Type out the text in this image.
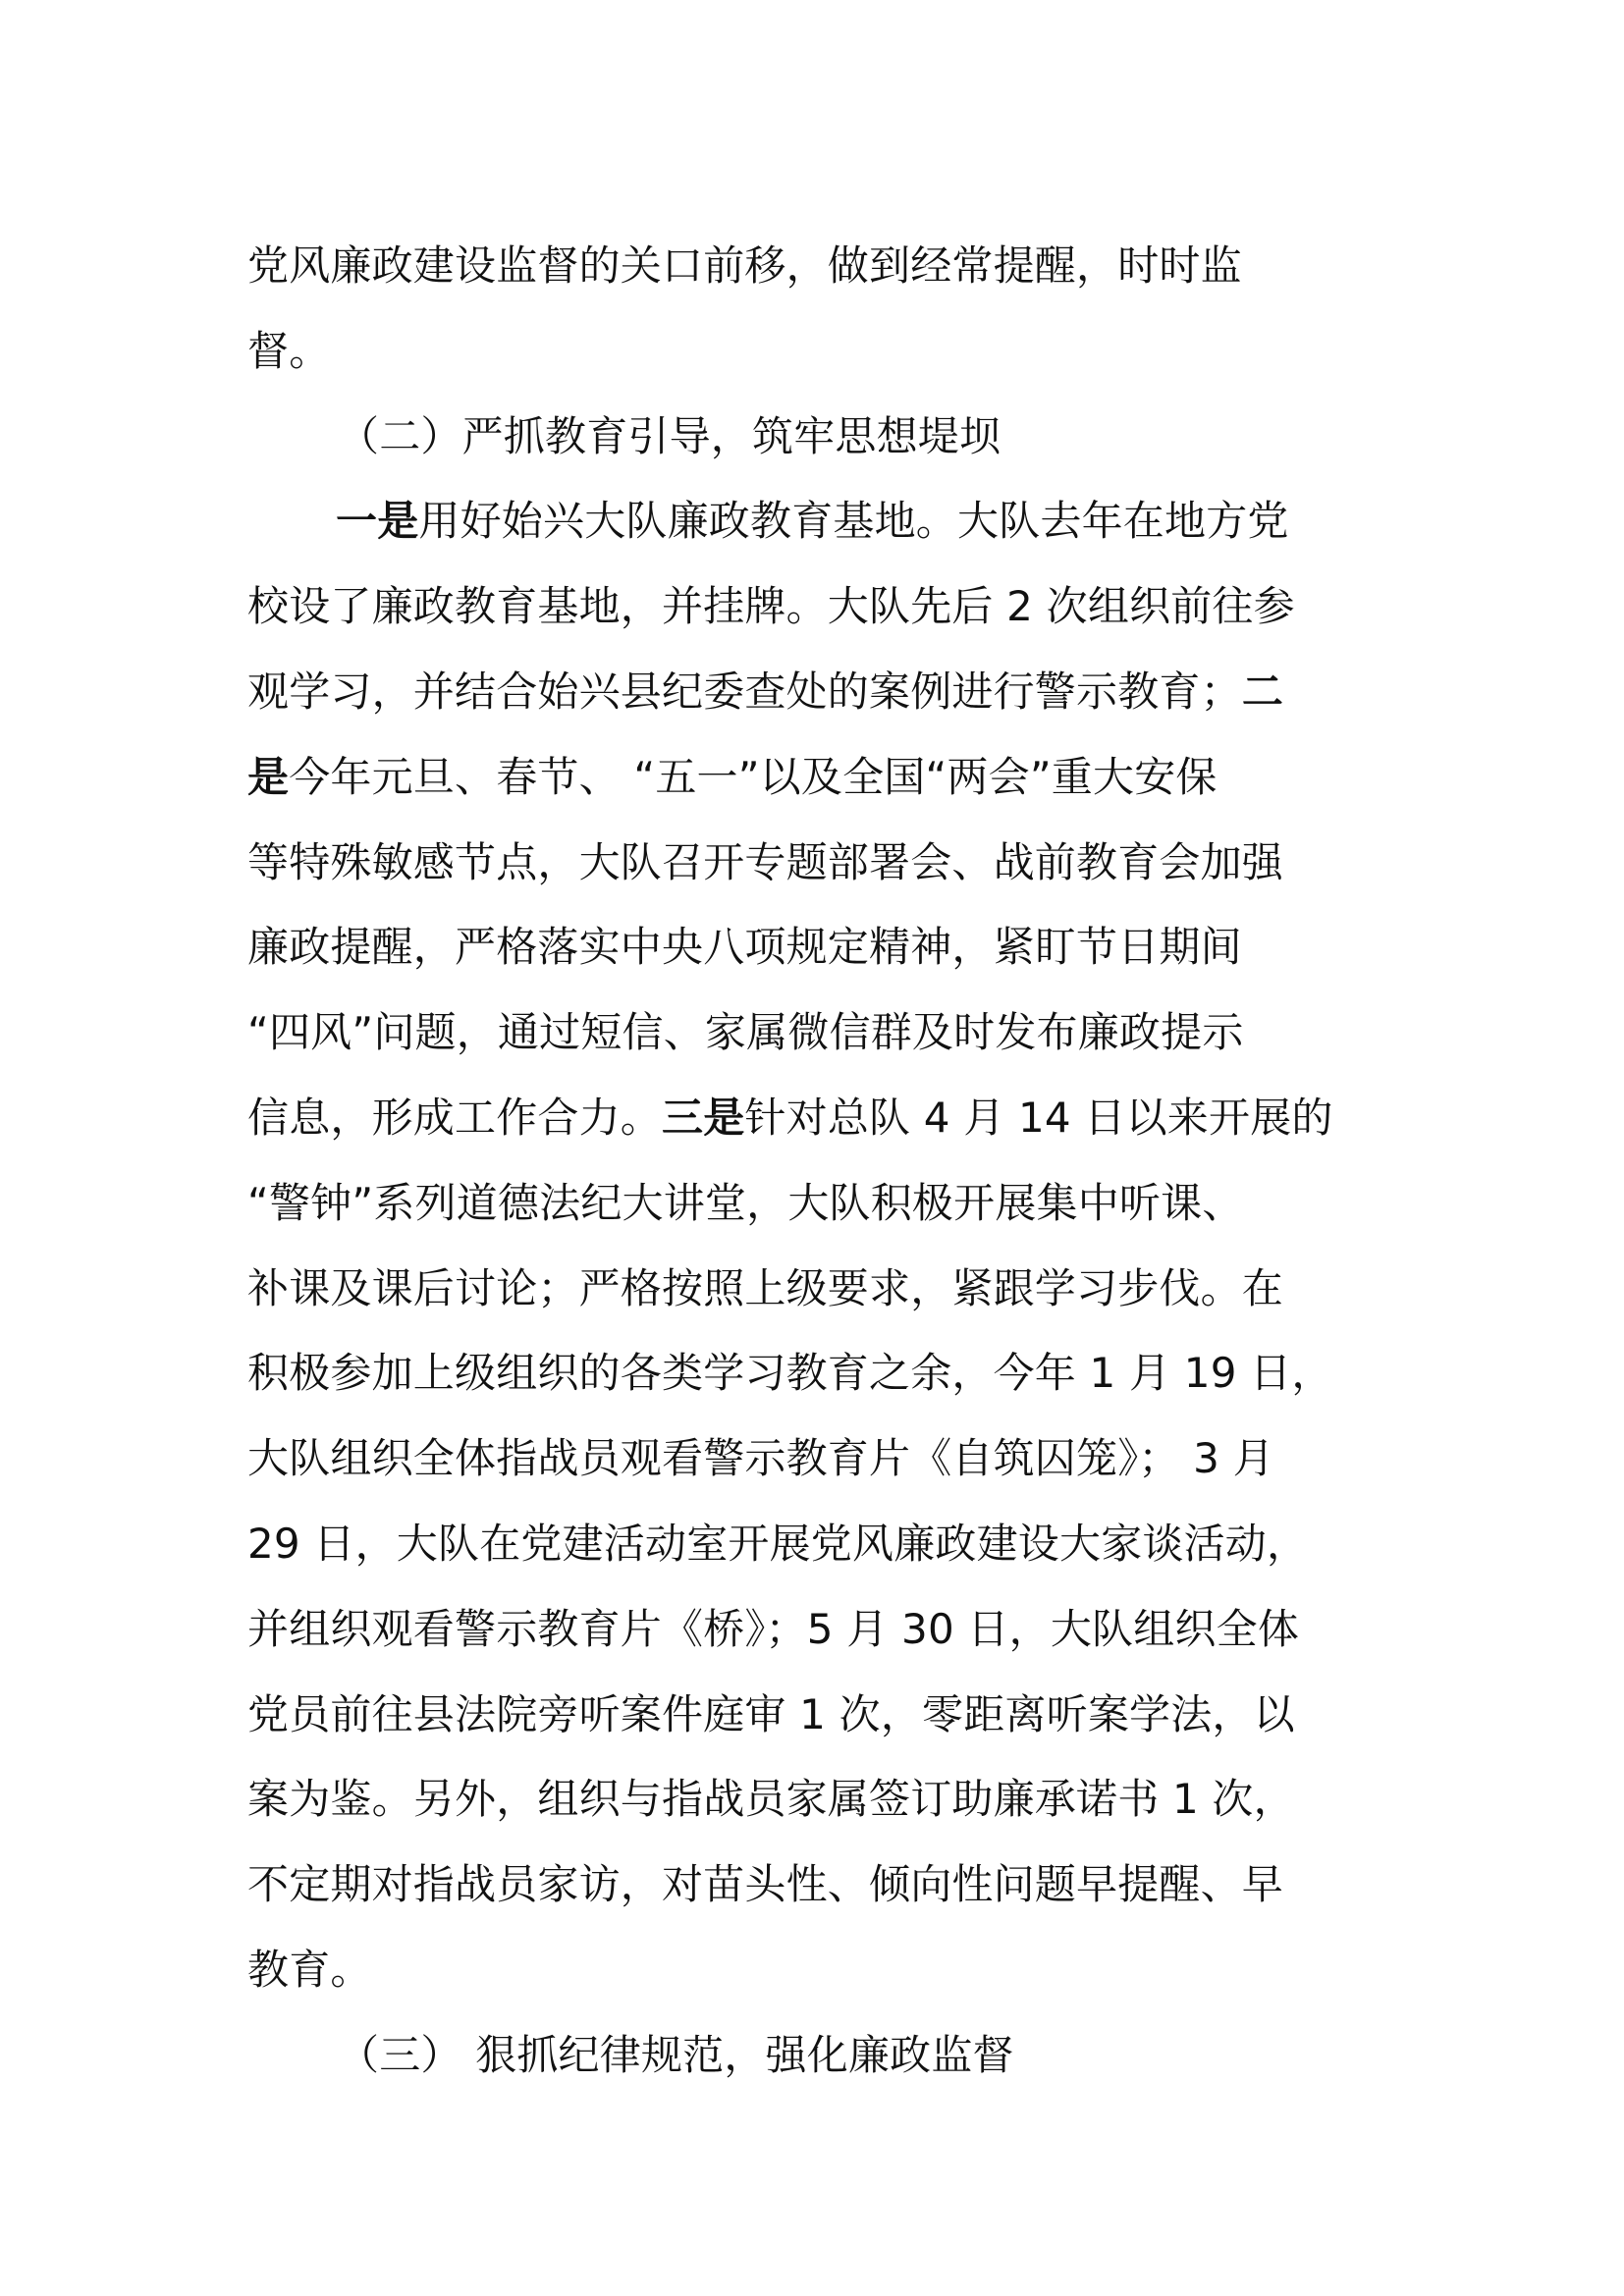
党风廉政建设监督的关口前移，做到经常提醒，时时监
督。
（二）严抓教育引导，筑牢思想堤坝
一是用好始兴大队廉政教育基地。大队去年在地方党
校设了廉政教育基地，并挂牌。大队先后 2 次组织前往参
观学习，并结合始兴县纪委查处的案例进行警示教育；二
是今年元旦、春节、 “五一”以及全国“两会”重大安保
等特殊敏感节点，大队召开专题部署会、战前教育会加强
廉政提醒，严格落实中央八项规定精神，紧盯节日期间
“四风”问题，通过短信、家属微信群及时发布廉政提示
信息，形成工作合力。三是针对总队 4 月 14 日以来开展的
“警钟”系列道德法纪大讲堂，大队积极开展集中听课、
补课及课后讨论；严格按照上级要求，紧跟学习步伐。在
积极参加上级组织的各类学习教育之余，今年 1 月 19 日，
大队组织全体指战员观看警示教育片《自筑囚笼》； 3 月
29 日，大队在党建活动室开展党风廉政建设大家谈活动，
并组织观看警示教育片《桥》；5 月 30 日，大队组织全体
党员前往县法院旁听案件庭审 1 次，零距离听案学法，以
案为鉴。另外，组织与指战员家属签订助廉承诺书 1 次，
不定期对指战员家访，对苗头性、倾向性问题早提醒、早
教育。
（三） 狠抓纪律规范，强化廉政监督
